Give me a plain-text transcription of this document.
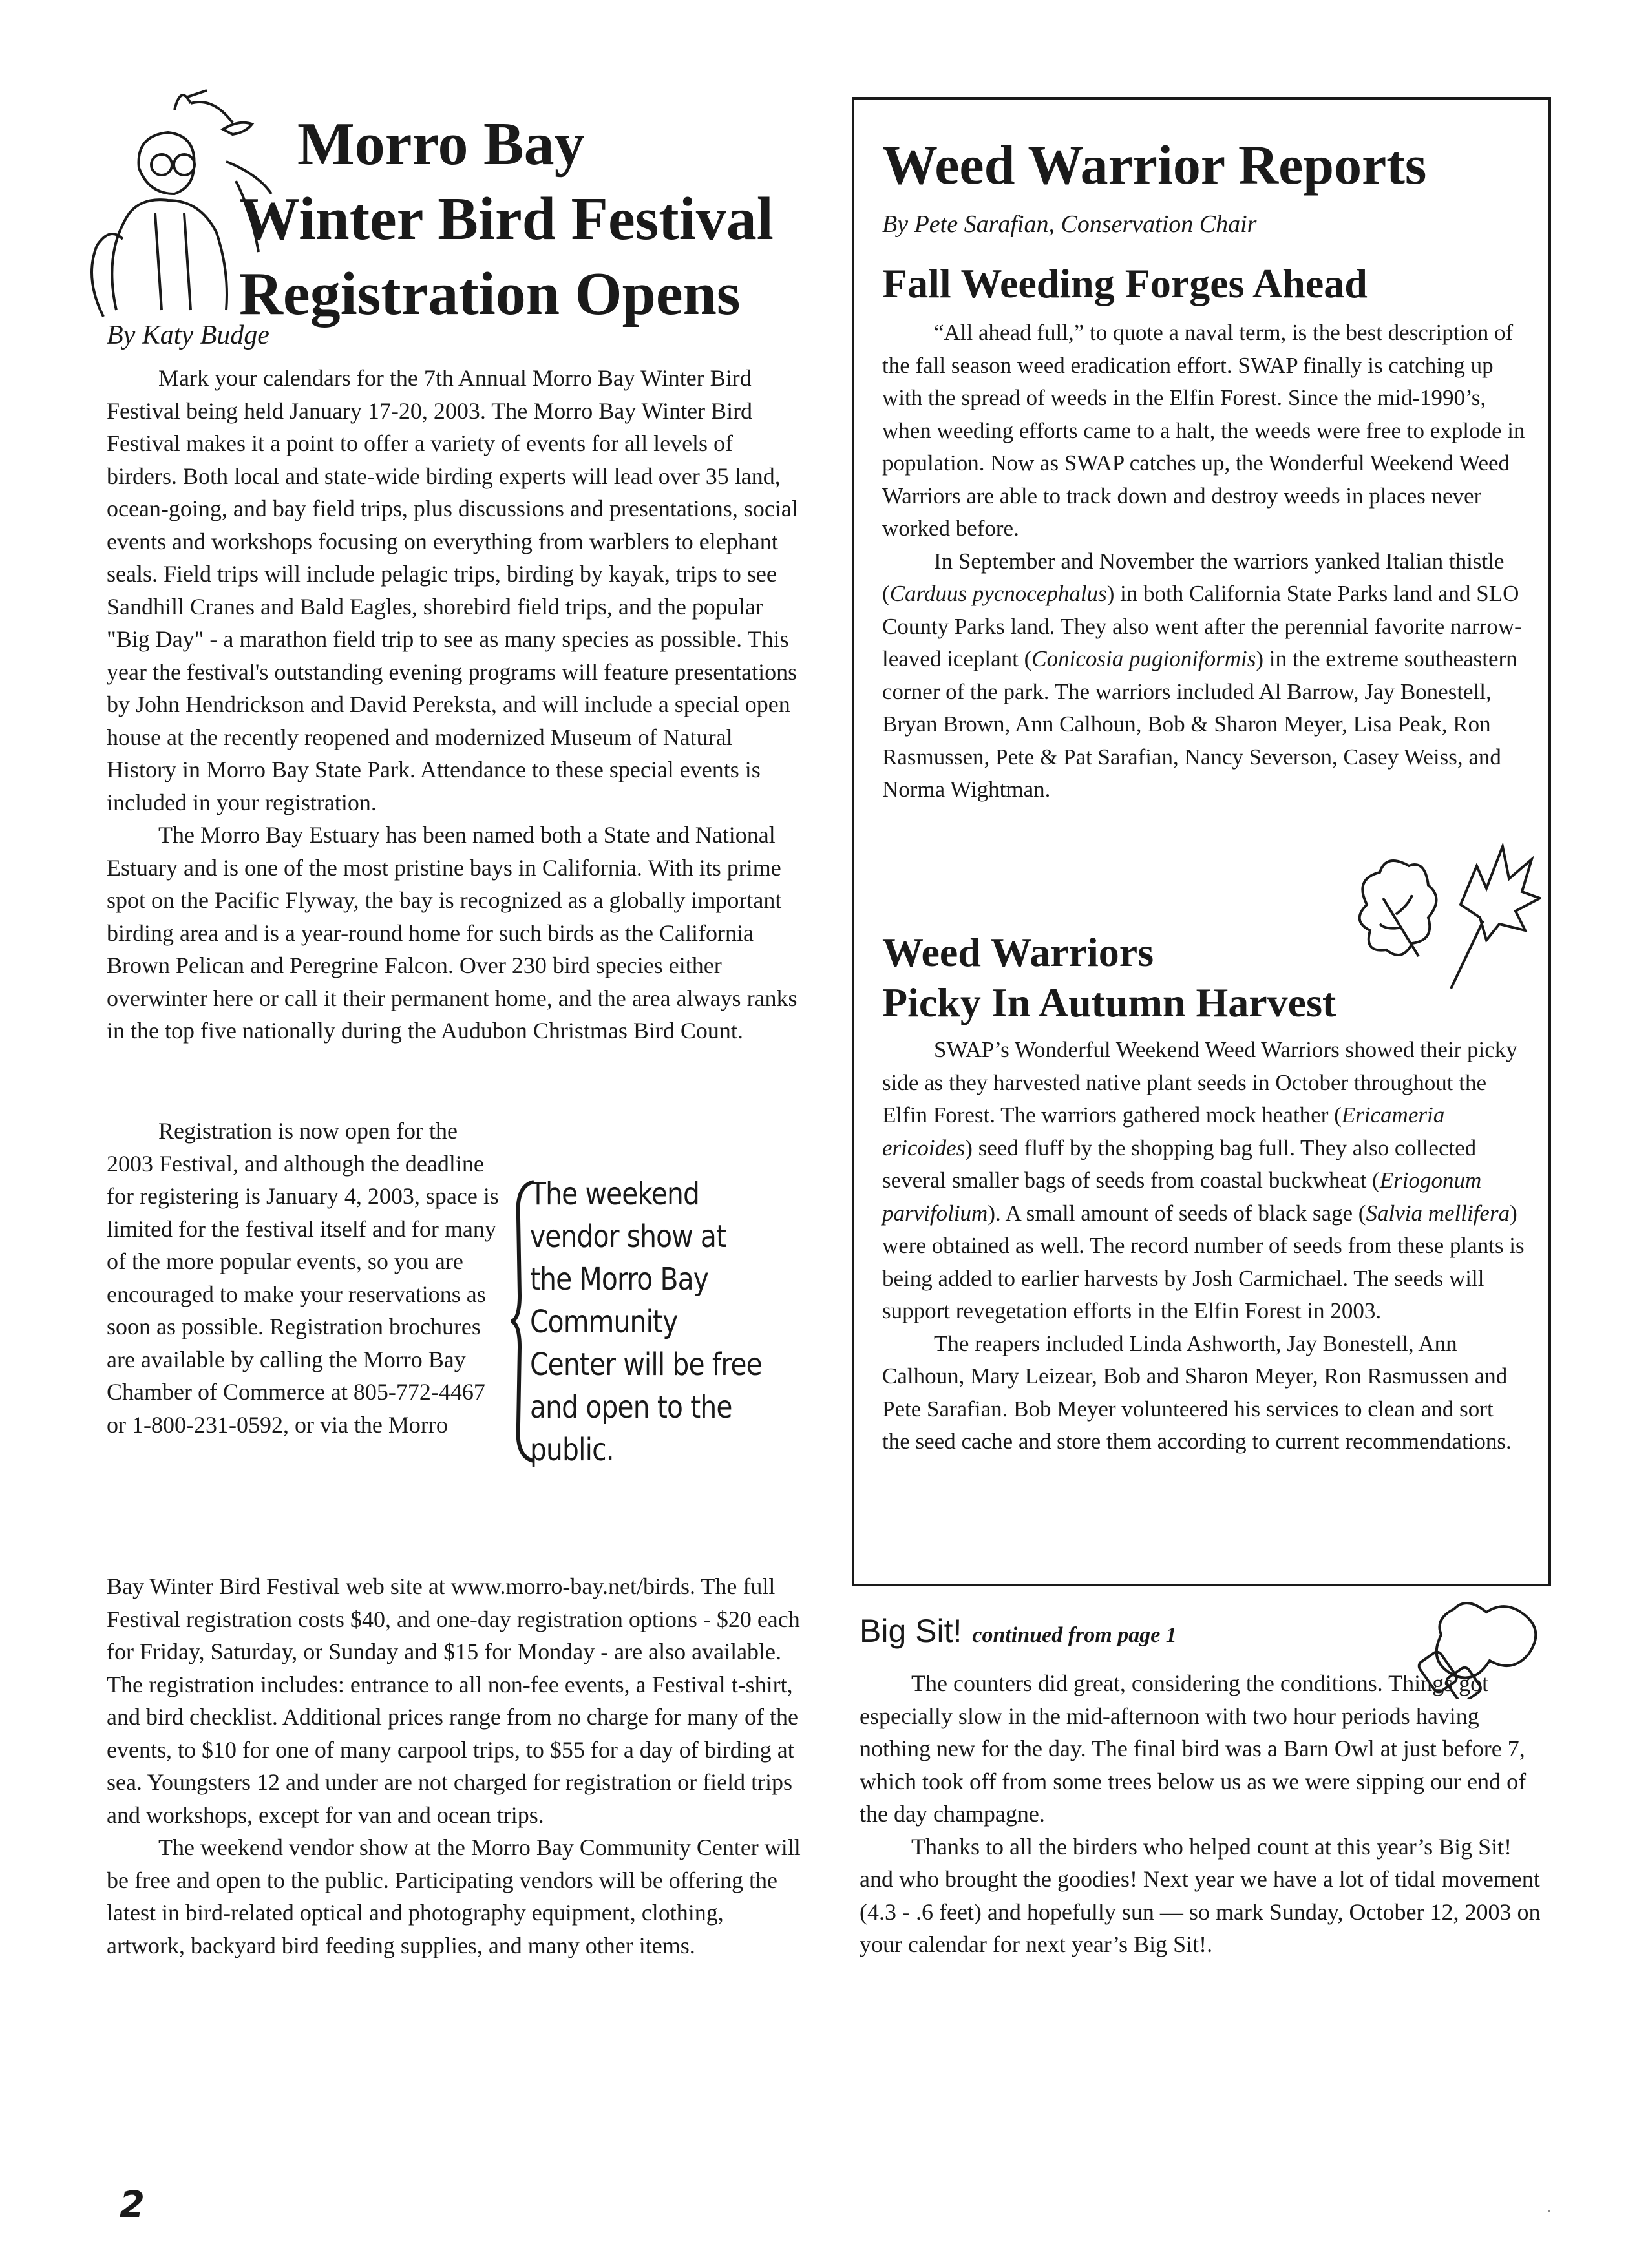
Morro Bay
Winter Bird Festival
Registration Opens

By Katy Budge

Mark your calendars for the 7th Annual Morro Bay Winter Bird Festival being held January 17-20, 2003. The Morro Bay Winter Bird Festival makes it a point to offer a variety of events for all levels of birders. Both local and state-wide birding experts will lead over 35 land, ocean-going, and bay field trips, plus discussions and presentations, social events and workshops focusing on everything from warblers to elephant seals. Field trips will include pelagic trips, birding by kayak, trips to see Sandhill Cranes and Bald Eagles, shorebird field trips, and the popular "Big Day" - a marathon field trip to see as many species as possible. This year the festival's outstanding evening programs will feature presentations by John Hendrickson and David Pereksta, and will include a special open house at the recently reopened and modernized Museum of Natural History in Morro Bay State Park. Attendance to these special events is included in your registration.

The Morro Bay Estuary has been named both a State and National Estuary and is one of the most pristine bays in California. With its prime spot on the Pacific Flyway, the bay is recognized as a globally important birding area and is a year-round home for such birds as the California Brown Pelican and Peregrine Falcon. Over 230 bird species either overwinter here or call it their permanent home, and the area always ranks in the top five nationally during the Audubon Christmas Bird Count.

Registration is now open for the 2003 Festival, and although the deadline for registering is January 4, 2003, space is limited for the festival itself and for many of the more popular events, so you are encouraged to make your reservations as soon as possible. Registration brochures are available by calling the Morro Bay Chamber of Commerce at 805-772-4467 or 1-800-231-0592, or via the Morro

The weekend vendor show at the Morro Bay Community Center will be free and open to the public.

Bay Winter Bird Festival web site at www.morro-bay.net/birds. The full Festival registration costs $40, and one-day registration options - $20 each for Friday, Saturday, or Sunday and $15 for Monday - are also available. The registration includes: entrance to all non-fee events, a Festival t-shirt, and bird checklist. Additional prices range from no charge for many of the events, to $10 for one of many carpool trips, to $55 for a day of birding at sea. Youngsters 12 and under are not charged for registration or field trips and workshops, except for van and ocean trips.

The weekend vendor show at the Morro Bay Community Center will be free and open to the public. Participating vendors will be offering the latest in bird-related optical and photography equipment, clothing, artwork, backyard bird feeding supplies, and many other items.

2
Weed Warrior Reports

By Pete Sarafian, Conservation Chair

Fall Weeding Forges Ahead

“All ahead full,” to quote a naval term, is the best description of the fall season weed eradication effort. SWAP finally is catching up with the spread of weeds in the Elfin Forest. Since the mid-1990’s, when weeding efforts came to a halt, the weeds were free to explode in population. Now as SWAP catches up, the Wonderful Weekend Weed Warriors are able to track down and destroy weeds in places never worked before.

In September and November the warriors yanked Italian thistle (Carduus pycnocephalus) in both California State Parks land and SLO County Parks land. They also went after the perennial favorite narrow-leaved iceplant (Conicosia pugioniformis) in the extreme southeastern corner of the park. The warriors included Al Barrow, Jay Bonestell, Bryan Brown, Ann Calhoun, Bob & Sharon Meyer, Lisa Peak, Ron Rasmussen, Pete & Pat Sarafian, Nancy Severson, Casey Weiss, and Norma Wightman.

Weed Warriors
Picky In Autumn Harvest

SWAP’s Wonderful Weekend Weed Warriors showed their picky side as they harvested native plant seeds in October throughout the Elfin Forest. The warriors gathered mock heather (Ericameria ericoides) seed fluff by the shopping bag full. They also collected several smaller bags of seeds from coastal buckwheat (Eriogonum parvifolium). A small amount of seeds of black sage (Salvia mellifera) were obtained as well. The record number of seeds from these plants is being added to earlier harvests by Josh Carmichael. The seeds will support revegetation efforts in the Elfin Forest in 2003.

The reapers included Linda Ashworth, Jay Bonestell, Ann Calhoun, Mary Leizear, Bob and Sharon Meyer, Ron Rasmussen and Pete Sarafian. Bob Meyer volunteered his services to clean and sort the seed cache and store them according to current recommendations.

Big Sit! continued from page 1

The counters did great, considering the conditions. Things got especially slow in the mid-afternoon with two hour periods having nothing new for the day. The final bird was a Barn Owl at just before 7, which took off from some trees below us as we were sipping our end of the day champagne.

Thanks to all the birders who helped count at this year’s Big Sit! and who brought the goodies! Next year we have a lot of tidal movement (4.3 - .6 feet) and hopefully sun — so mark Sunday, October 12, 2003 on your calendar for next year’s Big Sit!.
